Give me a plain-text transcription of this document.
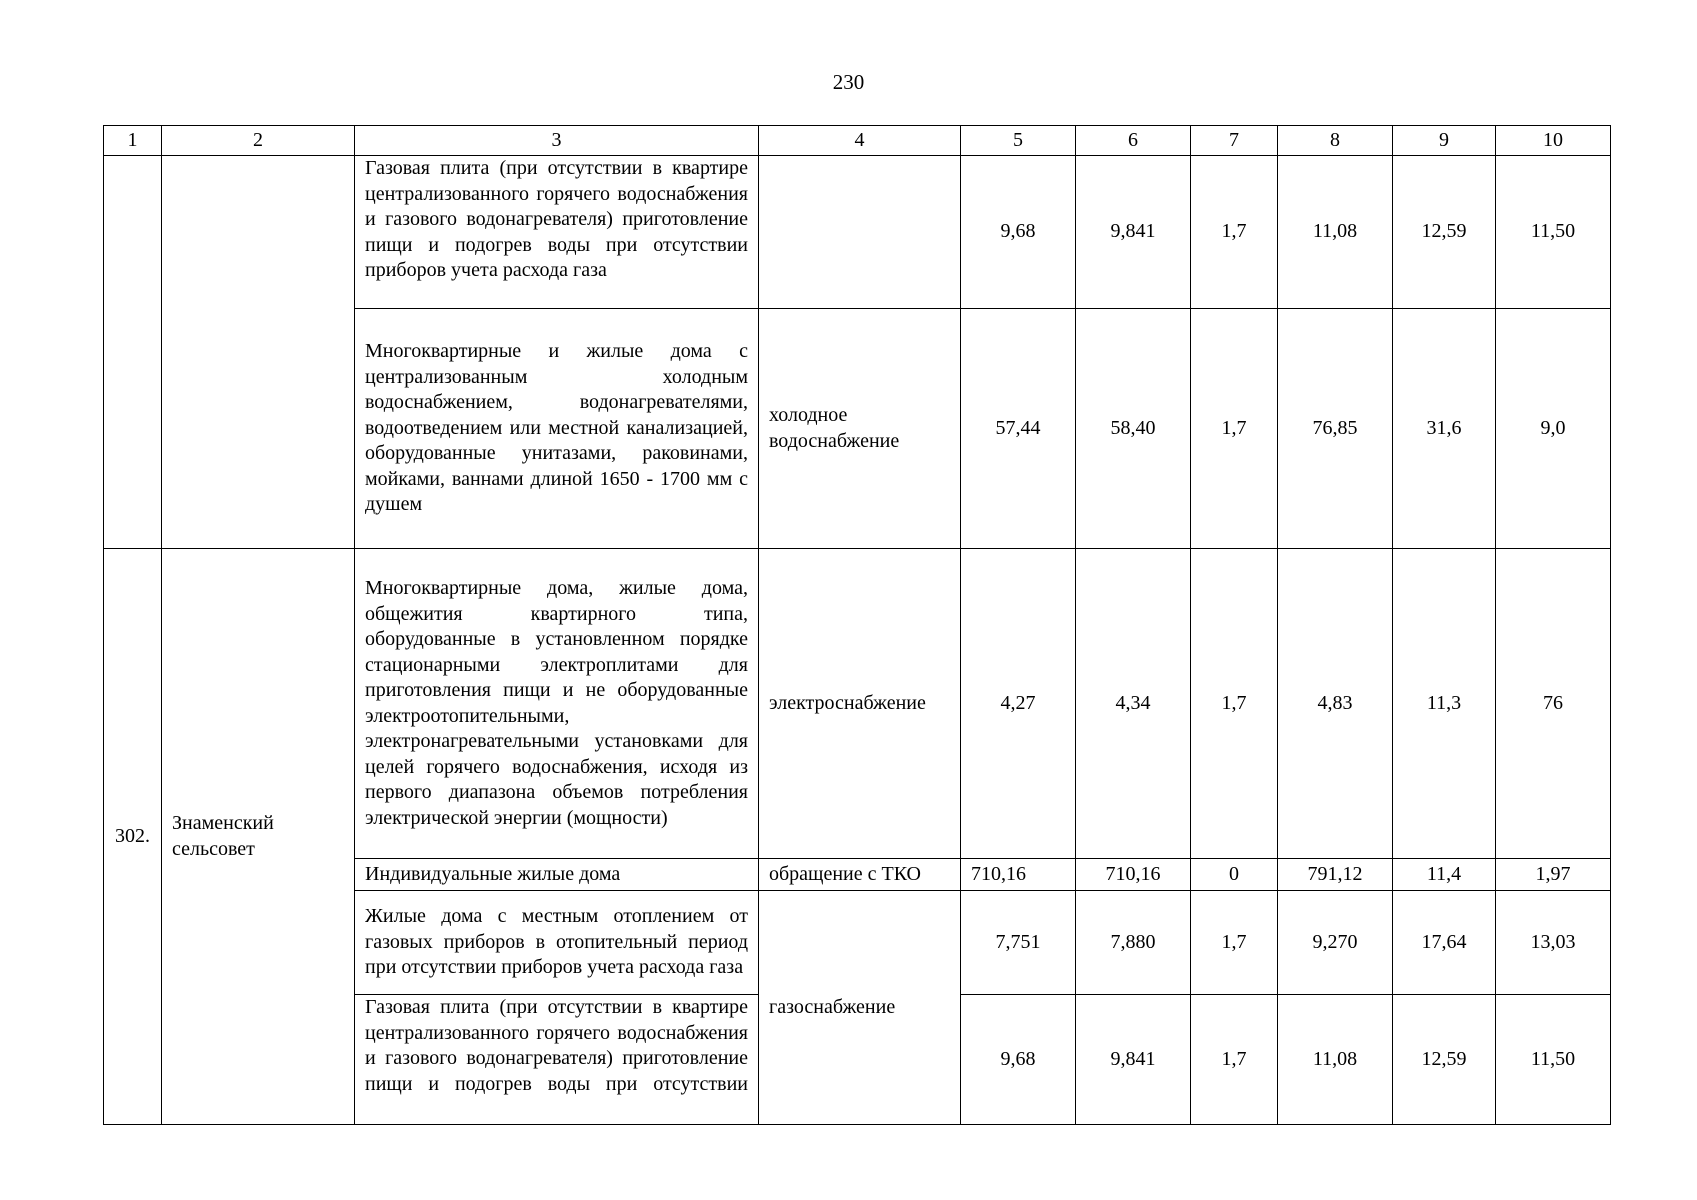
230
1	2	3	4	5	6	7	8	9	10
		Газовая плита (при отсутствии в квартире централизованного горячего водоснабжения и газового водонагревателя) приготовление пищи и подогрев воды при отсутствии приборов учета расхода газа		9,68	9,841	1,7	11,08	12,59	11,50
		Многоквартирные и жилые дома с централизованным холодным водоснабжением, водонагревателями, водоотведением или местной канализацией, оборудованные унитазами, раковинами, мойками, ваннами длиной 1650 - 1700 мм с душем	холодное водоснабжение	57,44	58,40	1,7	76,85	31,6	9,0
302.	Знаменский сельсовет	Многоквартирные дома, жилые дома, общежития квартирного типа, оборудованные в установленном порядке стационарными электроплитами для приготовления пищи и не оборудованные электроотопительными, электронагревательными установками для целей горячего водоснабжения, исходя из первого диапазона объемов потребления электрической энергии (мощности)	электроснабжение	4,27	4,34	1,7	4,83	11,3	76
		Индивидуальные жилые дома	обращение с ТКО	710,16	710,16	0	791,12	11,4	1,97
		Жилые дома с местным отоплением от газовых приборов в отопительный период при отсутствии приборов учета расхода газа	газоснабжение	7,751	7,880	1,7	9,270	17,64	13,03
		Газовая плита (при отсутствии в квартире централизованного горячего водоснабжения и газового водонагревателя) приготовление пищи и подогрев воды при отсутствии		9,68	9,841	1,7	11,08	12,59	11,50
